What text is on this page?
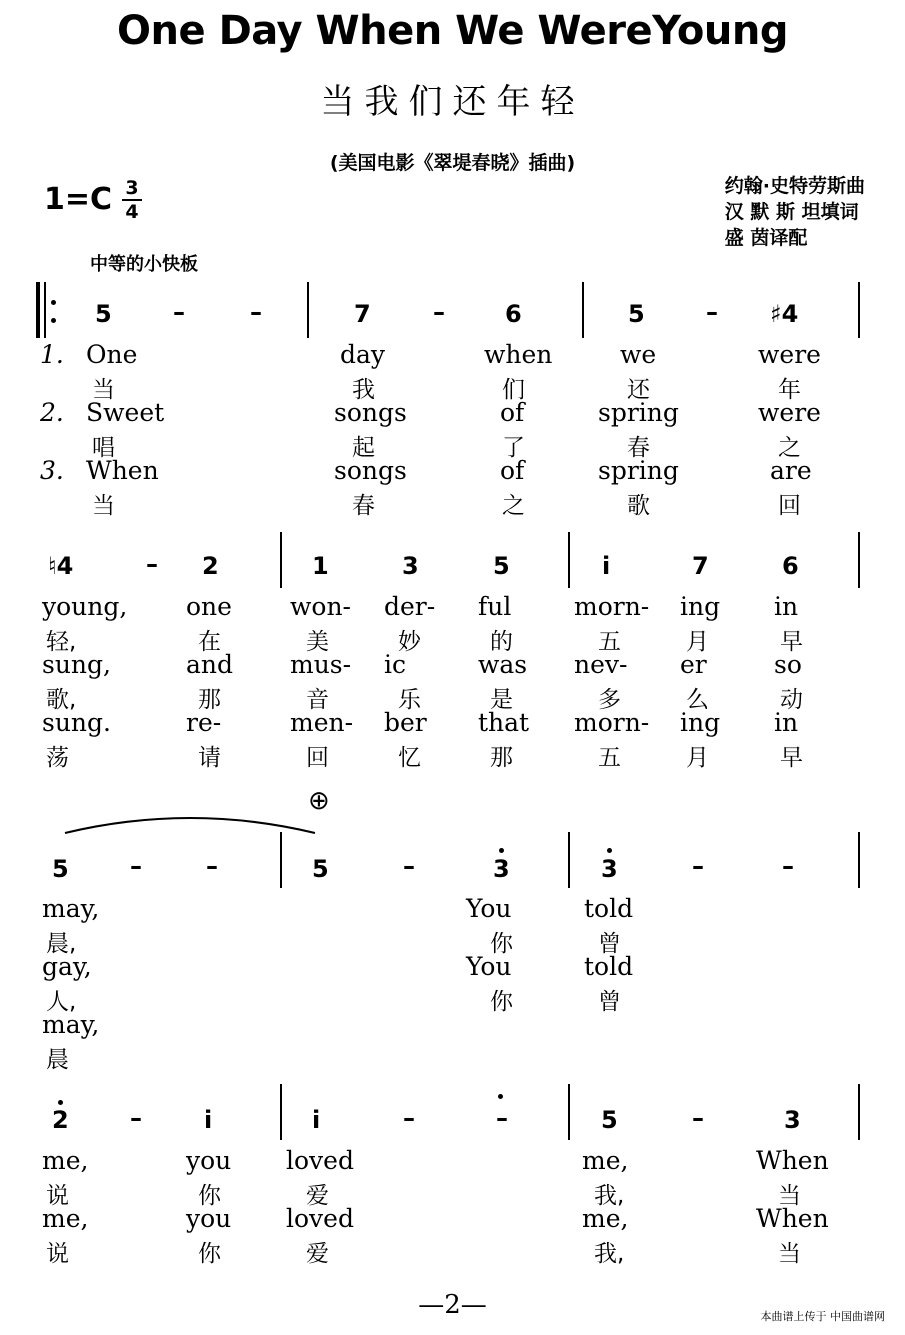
One Day When We WereYoung
当我们还年轻
(美国电影《翠堤春晓》插曲)
约翰·史特劳斯曲
汉 默 斯 坦填词
盛 茵译配
1=C 3
4
中等的小快板
5	–	–	7	–	6	5	– ♯4
1.
2.
3.
One	day	when	we	were
当	我	们	还	年
Sweet	songs	of	spring	were
唱	起	了	春	之
When	songs	of	spring	are
当	春	之	歌	回
♮4	– 2	1	3	5	i	7	6
young, one won- der- ful	morn- ing in
轻,	在	美	妙	的	五	月	早
sung,	and mus- ic	was nev- er	so
歌,	那	音	乐	是	多	么	动
sung.	re-	men- ber that morn- ing in
荡	请	回	忆	那	五	月	早
⊕
5	–	–	5	–	3	3	–	–
may,	You	told
晨,	你	曾
gay,	You	told
人,	你	曾
may,
晨
2	–	i	i	–	–	5	–	3
me,	you loved	me,	When
说	你	爱	我,	当
me,	you loved	me,	When
说	你	爱	我,	当
—2—	本曲谱上传于 中国曲谱网
